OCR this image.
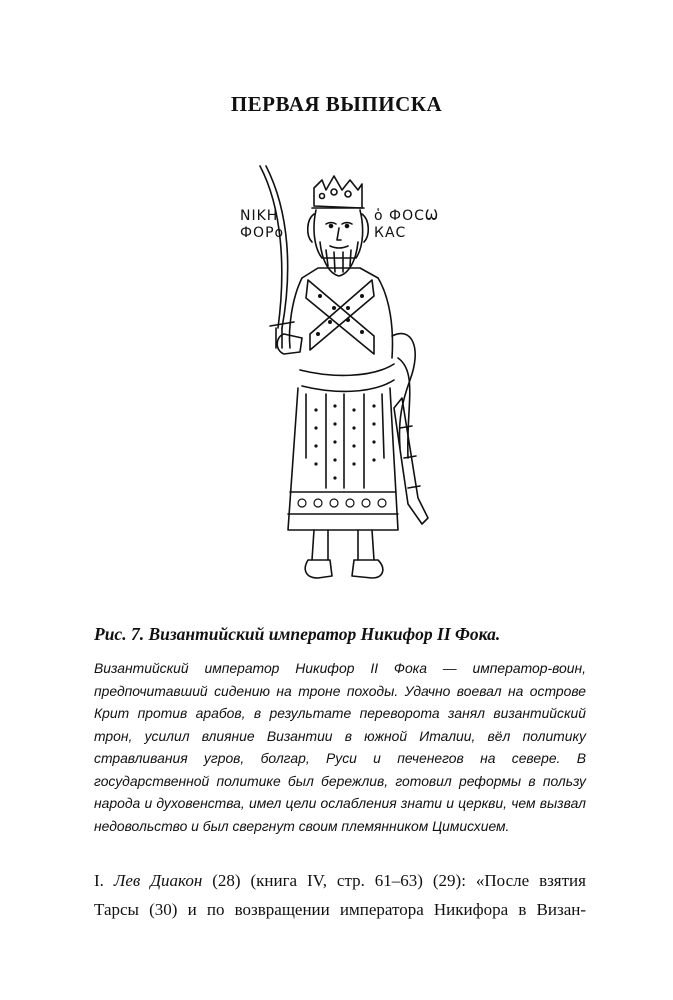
ПЕРВАЯ ВЫПИСКА
NIKH
ФОРо
ὁ ФОϹѠ
КАС
Рис. 7. Византийский император Никифор II Фока.
Византийский император Никифор II Фока — император-воин, предпочитавший сидению на троне походы. Удачно воевал на острове Крит против арабов, в результате переворота занял византийский трон, усилил влияние Византии в южной Италии, вёл политику стравливания угров, болгар, Руси и печенегов на севере. В государственной политике был бережлив, готовил реформы в пользу народа и духовенства, имел цели ослабления знати и церкви, чем вызвал недовольство и был свергнут своим племянником Цимисхием.
I. Лев Диакон (28) (книга IV, стр. 61–63) (29): «После взятия
Тарсы (30) и по возвращении императора Никифора в Визан-
